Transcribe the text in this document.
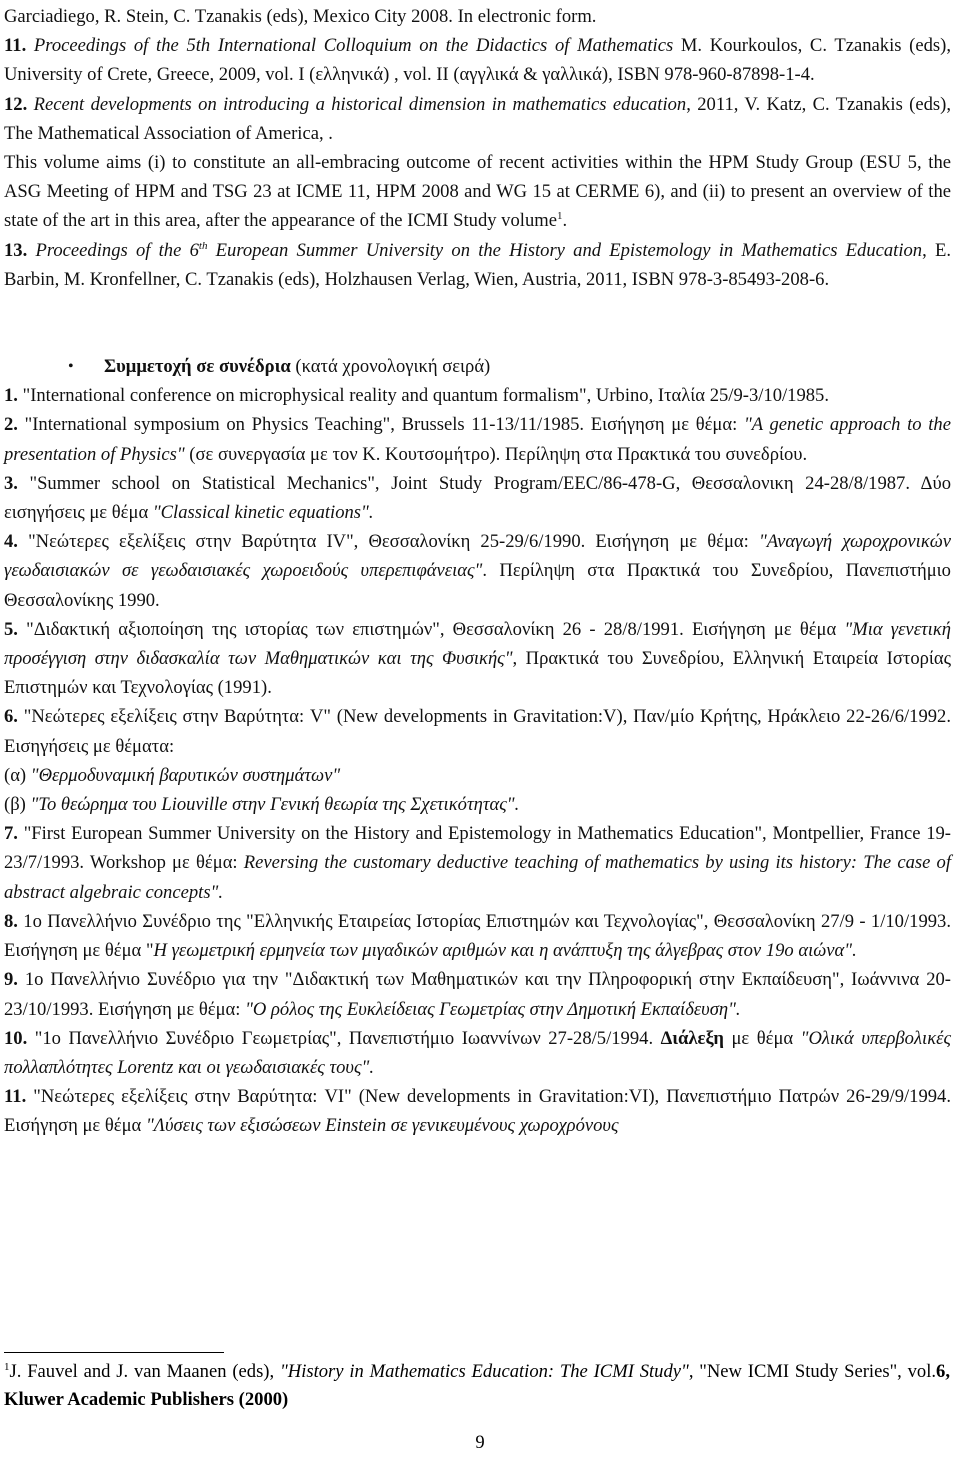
Garciadiego, R. Stein, C. Tzanakis (eds), Mexico City 2008. In electronic form.

11. Proceedings of the 5th International Colloquium on the Didactics of Mathematics M. Kourkoulos, C. Tzanakis (eds), University of Crete, Greece, 2009, vol. I (ελληνικά) , vol. II (αγγλικά & γαλλικά), ISBN 978-960-87898-1-4.

12. Recent developments on introducing a historical dimension in mathematics education, 2011, V. Katz, C. Tzanakis (eds), The Mathematical Association of America, .

This volume aims (i) to constitute an all-embracing outcome of recent activities within the HPM Study Group (ESU 5, the ASG Meeting of HPM and TSG 23 at ICME 11, HPM 2008 and WG 15 at CERME 6), and (ii) to present an overview of the state of the art in this area, after the appearance of the ICMI Study volume$^1$.

13. Proceedings of the 6th European Summer University on the History and Epistemology in Mathematics Education, E. Barbin, M. Kronfellner, C. Tzanakis (eds), Holzhausen Verlag, Wien, Austria, 2011, ISBN 978-3-85493-208-6.

• Συμμετοχή σε συνέδρια (κατά χρονολογική σειρά)

1. "International conference on microphysical reality and quantum formalism", Urbino, Ιταλία 25/9-3/10/1985.

2. "International symposium on Physics Teaching", Brussels 11-13/11/1985. Εισήγηση με θέμα: "A genetic approach to the presentation of Physics" (σε συνεργασία με τον Κ. Κουτσομήτρο). Περίληψη στα Πρακτικά του συνεδρίου.

3. "Summer school on Statistical Mechanics", Joint Study Program/EEC/86-478-G, Θεσσαλονικη 24-28/8/1987. Δύο εισηγήσεις με θέμα "Classical kinetic equations".

4. "Νεώτερες εξελίξεις στην Βαρύτητα IV", Θεσσαλονίκη 25-29/6/1990. Εισήγηση με θέμα: "Αναγωγή χωροχρονικών γεωδαισιακών σε γεωδαισιακές χωροειδούς υπερεπιφάνειας". Περίληψη στα Πρακτικά του Συνεδρίου, Πανεπιστήμιο Θεσσαλονίκης 1990.

5. "Διδακτική αξιοποίηση της ιστορίας των επιστημών", Θεσσαλονίκη 26 - 28/8/1991. Εισήγηση με θέμα "Μια γενετική προσέγγιση στην διδασκαλία των Μαθηματικών και της Φυσικής", Πρακτικά του Συνεδρίου, Ελληνική Εταιρεία Ιστορίας Επιστημών και Τεχνολογίας (1991).

6. "Νεώτερες εξελίξεις στην Βαρύτητα: V" (New developments in Gravitation:V), Παν/μίο Κρήτης, Ηράκλειο 22-26/6/1992. Εισηγήσεις με θέματα:

(α) "Θερμοδυναμική βαρυτικών συστημάτων"

(β) "Το θεώρημα του Liouville στην Γενική θεωρία της Σχετικότητας".

7. "First European Summer University on the History and Epistemology in Mathematics Education", Montpellier, France 19-23/7/1993. Workshop με θέμα: Reversing the customary deductive teaching of mathematics by using its history: The case of abstract algebraic concepts".

8. 1ο Πανελλήνιο Συνέδριο της "Ελληνικής Εταιρείας Ιστορίας Επιστημών και Τεχνολογίας", Θεσσαλονίκη 27/9 - 1/10/1993. Εισήγηση με θέμα "Η γεωμετρική ερμηνεία των μιγαδικών αριθμών και η ανάπτυξη της άλγεβρας στον 19ο αιώνα".

9. 1ο Πανελλήνιο Συνέδριο για την "Διδακτική των Μαθηματικών και την Πληροφορική στην Εκπαίδευση", Ιωάννινα 20-23/10/1993. Εισήγηση με θέμα: "Ο ρόλος της Ευκλείδειας Γεωμετρίας στην Δημοτική Εκπαίδευση".

10. "1ο Πανελλήνιο Συνέδριο Γεωμετρίας", Πανεπιστήμιο Ιωαννίνων 27-28/5/1994. Διάλεξη με θέμα "Ολικά υπερβολικές πολλαπλότητες Lorentz και οι γεωδαισιακές τους".

11. "Νεώτερες εξελίξεις στην Βαρύτητα: VI" (New developments in Gravitation:VI), Πανεπιστήμιο Πατρών 26-29/9/1994. Εισήγηση με θέμα "Λύσεις των εξισώσεων Einstein σε γενικευμένους χωροχρόνους

$^1$J. Fauvel and J. van Maanen (eds), "History in Mathematics Education: The ICMI Study", "New ICMI Study Series", vol.6, Kluwer Academic Publishers (2000)

9
